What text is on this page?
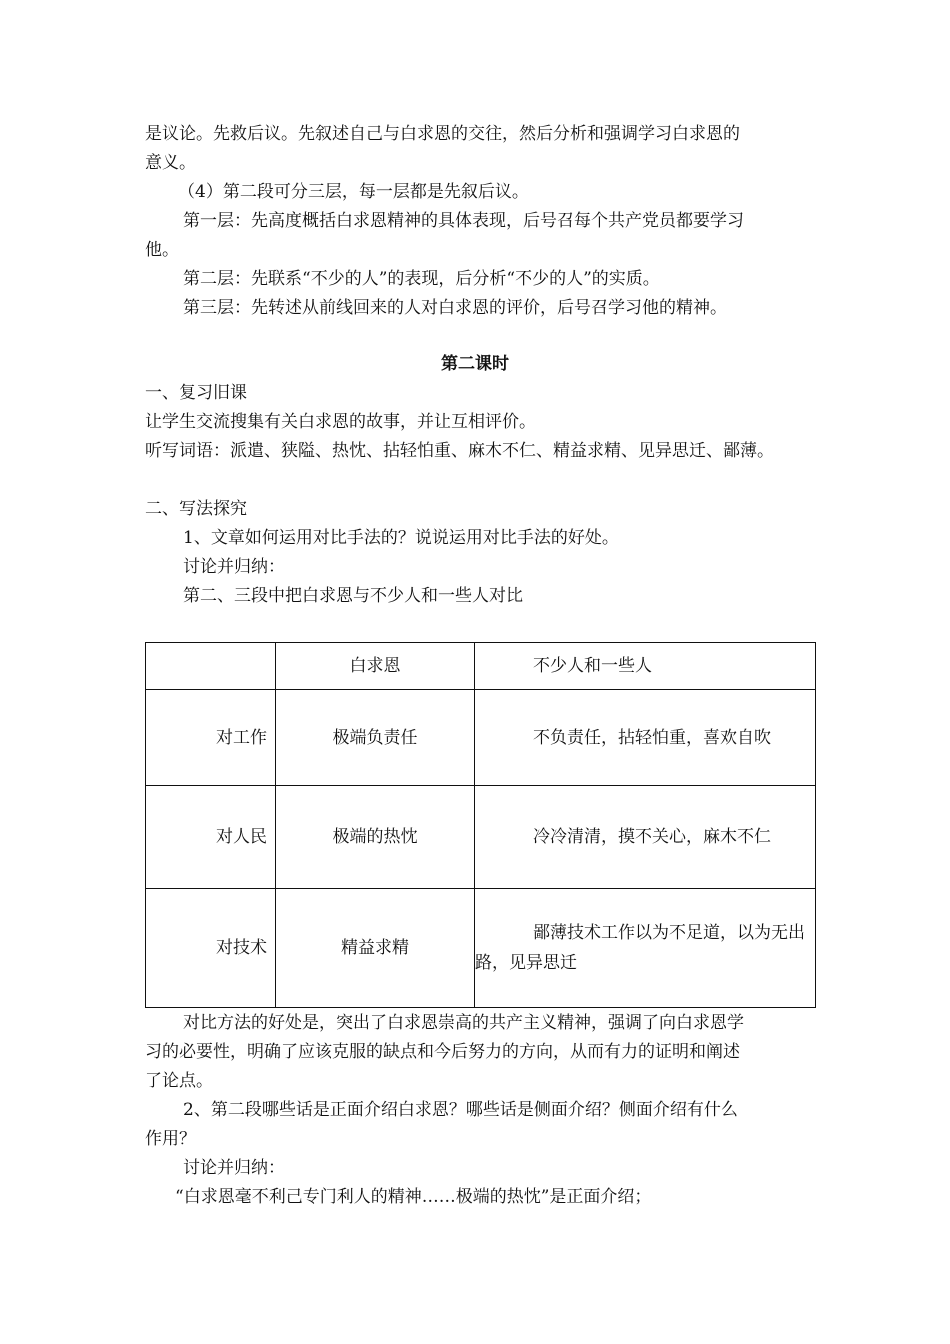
是议论。先救后议。先叙述自己与白求恩的交往，然后分析和强调学习白求恩的
意义。
（4）第二段可分三层，每一层都是先叙后议。
第一层：先高度概括白求恩精神的具体表现，后号召每个共产党员都要学习
他。
第二层：先联系“不少的人”的表现，后分析“不少的人”的实质。
第三层：先转述从前线回来的人对白求恩的评价，后号召学习他的精神。
第二课时
一、复习旧课
让学生交流搜集有关白求恩的故事，并让互相评价。
听写词语：派遣、狭隘、热忱、拈轻怕重、麻木不仁、精益求精、见异思迁、鄙薄。
二、写法探究
1、文章如何运用对比手法的？说说运用对比手法的好处。
讨论并归纳：
第二、三段中把白求恩与不少人和一些人对比
	白求恩	不少人和一些人

对工作	极端负责任	不负责任，拈轻怕重，喜欢自吹

对人民	极端的热忱	冷冷清清，摸不关心，麻木不仁

对技术	精益求精	鄙薄技术工作以为不足道，以为无出路，见异思迁
对比方法的好处是，突出了白求恩崇高的共产主义精神，强调了向白求恩学
习的必要性，明确了应该克服的缺点和今后努力的方向，从而有力的证明和阐述
了论点。
2、第二段哪些话是正面介绍白求恩？哪些话是侧面介绍？侧面介绍有什么
作用？
讨论并归纳：
“白求恩毫不利己专门利人的精神……极端的热忱”是正面介绍；
